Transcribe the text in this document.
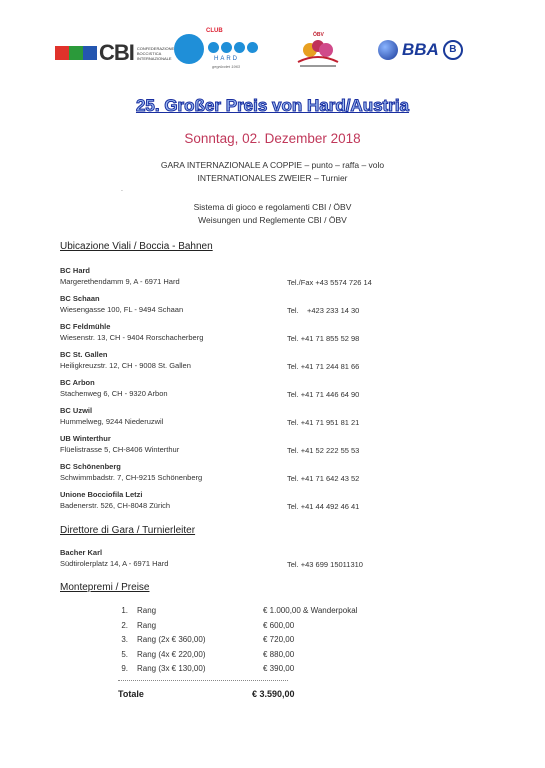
CBI CONFEDERAZIONE BOCCISTICA INTERNAZIONALE
CLUB
HARD
gegründet 1963
ÖBV
BBA	B
25. Großer Preis von Hard/Austria
Sonntag, 02. Dezember 2018
GARA INTERNAZIONALE A COPPIE – punto – raffa – volo
INTERNATIONALES ZWEIER – Turnier
.
Sistema di gioco e regolamenti CBI / ÖBV
Weisungen und Reglemente CBI / ÖBV
Ubicazione Viali / Boccia - Bahnen
BC Hard
Margerethendamm 9, A - 6971 Hard	Tel./Fax +43 5574 726 14
BC Schaan
Wiesengasse 100, FL - 9494 Schaan	Tel.    +423 233 14 30
BC Feldmühle
Wiesenstr. 13, CH - 9404 Rorschacherberg	Tel. +41 71 855 52 98
BC St. Gallen
Heiligkreuzstr. 12, CH - 9008 St. Gallen	Tel. +41 71 244 81 66
BC Arbon
Stachenweg 6, CH - 9320 Arbon	Tel. +41 71 446 64 90
BC Uzwil
Hummelweg, 9244 Niederuzwil	Tel. +41 71 951 81 21
UB Winterthur
Flüelistrasse 5, CH-8406 Winterthur	Tel. +41 52 222 55 53
BC Schönenberg
Schwimmbadstr. 7, CH-9215 Schönenberg	Tel. +41 71 642 43 52
Unione Bocciofila Letzi
Badenerstr. 526, CH-8048 Zürich	Tel. +41 44 492 46 41
Direttore di Gara / Turnierleiter
Bacher Karl
Südtirolerplatz 14, A - 6971 Hard	Tel. +43 699 15011310
Montepremi / Preise
1. Rang	€ 1.000,00 & Wanderpokal
2. Rang	€ 600,00
3. Rang (2x € 360,00)	€ 720,00
5. Rang (4x € 220,00)	€ 880,00
9. Rang (3x € 130,00)	€ 390,00
Totale	€ 3.590,00
